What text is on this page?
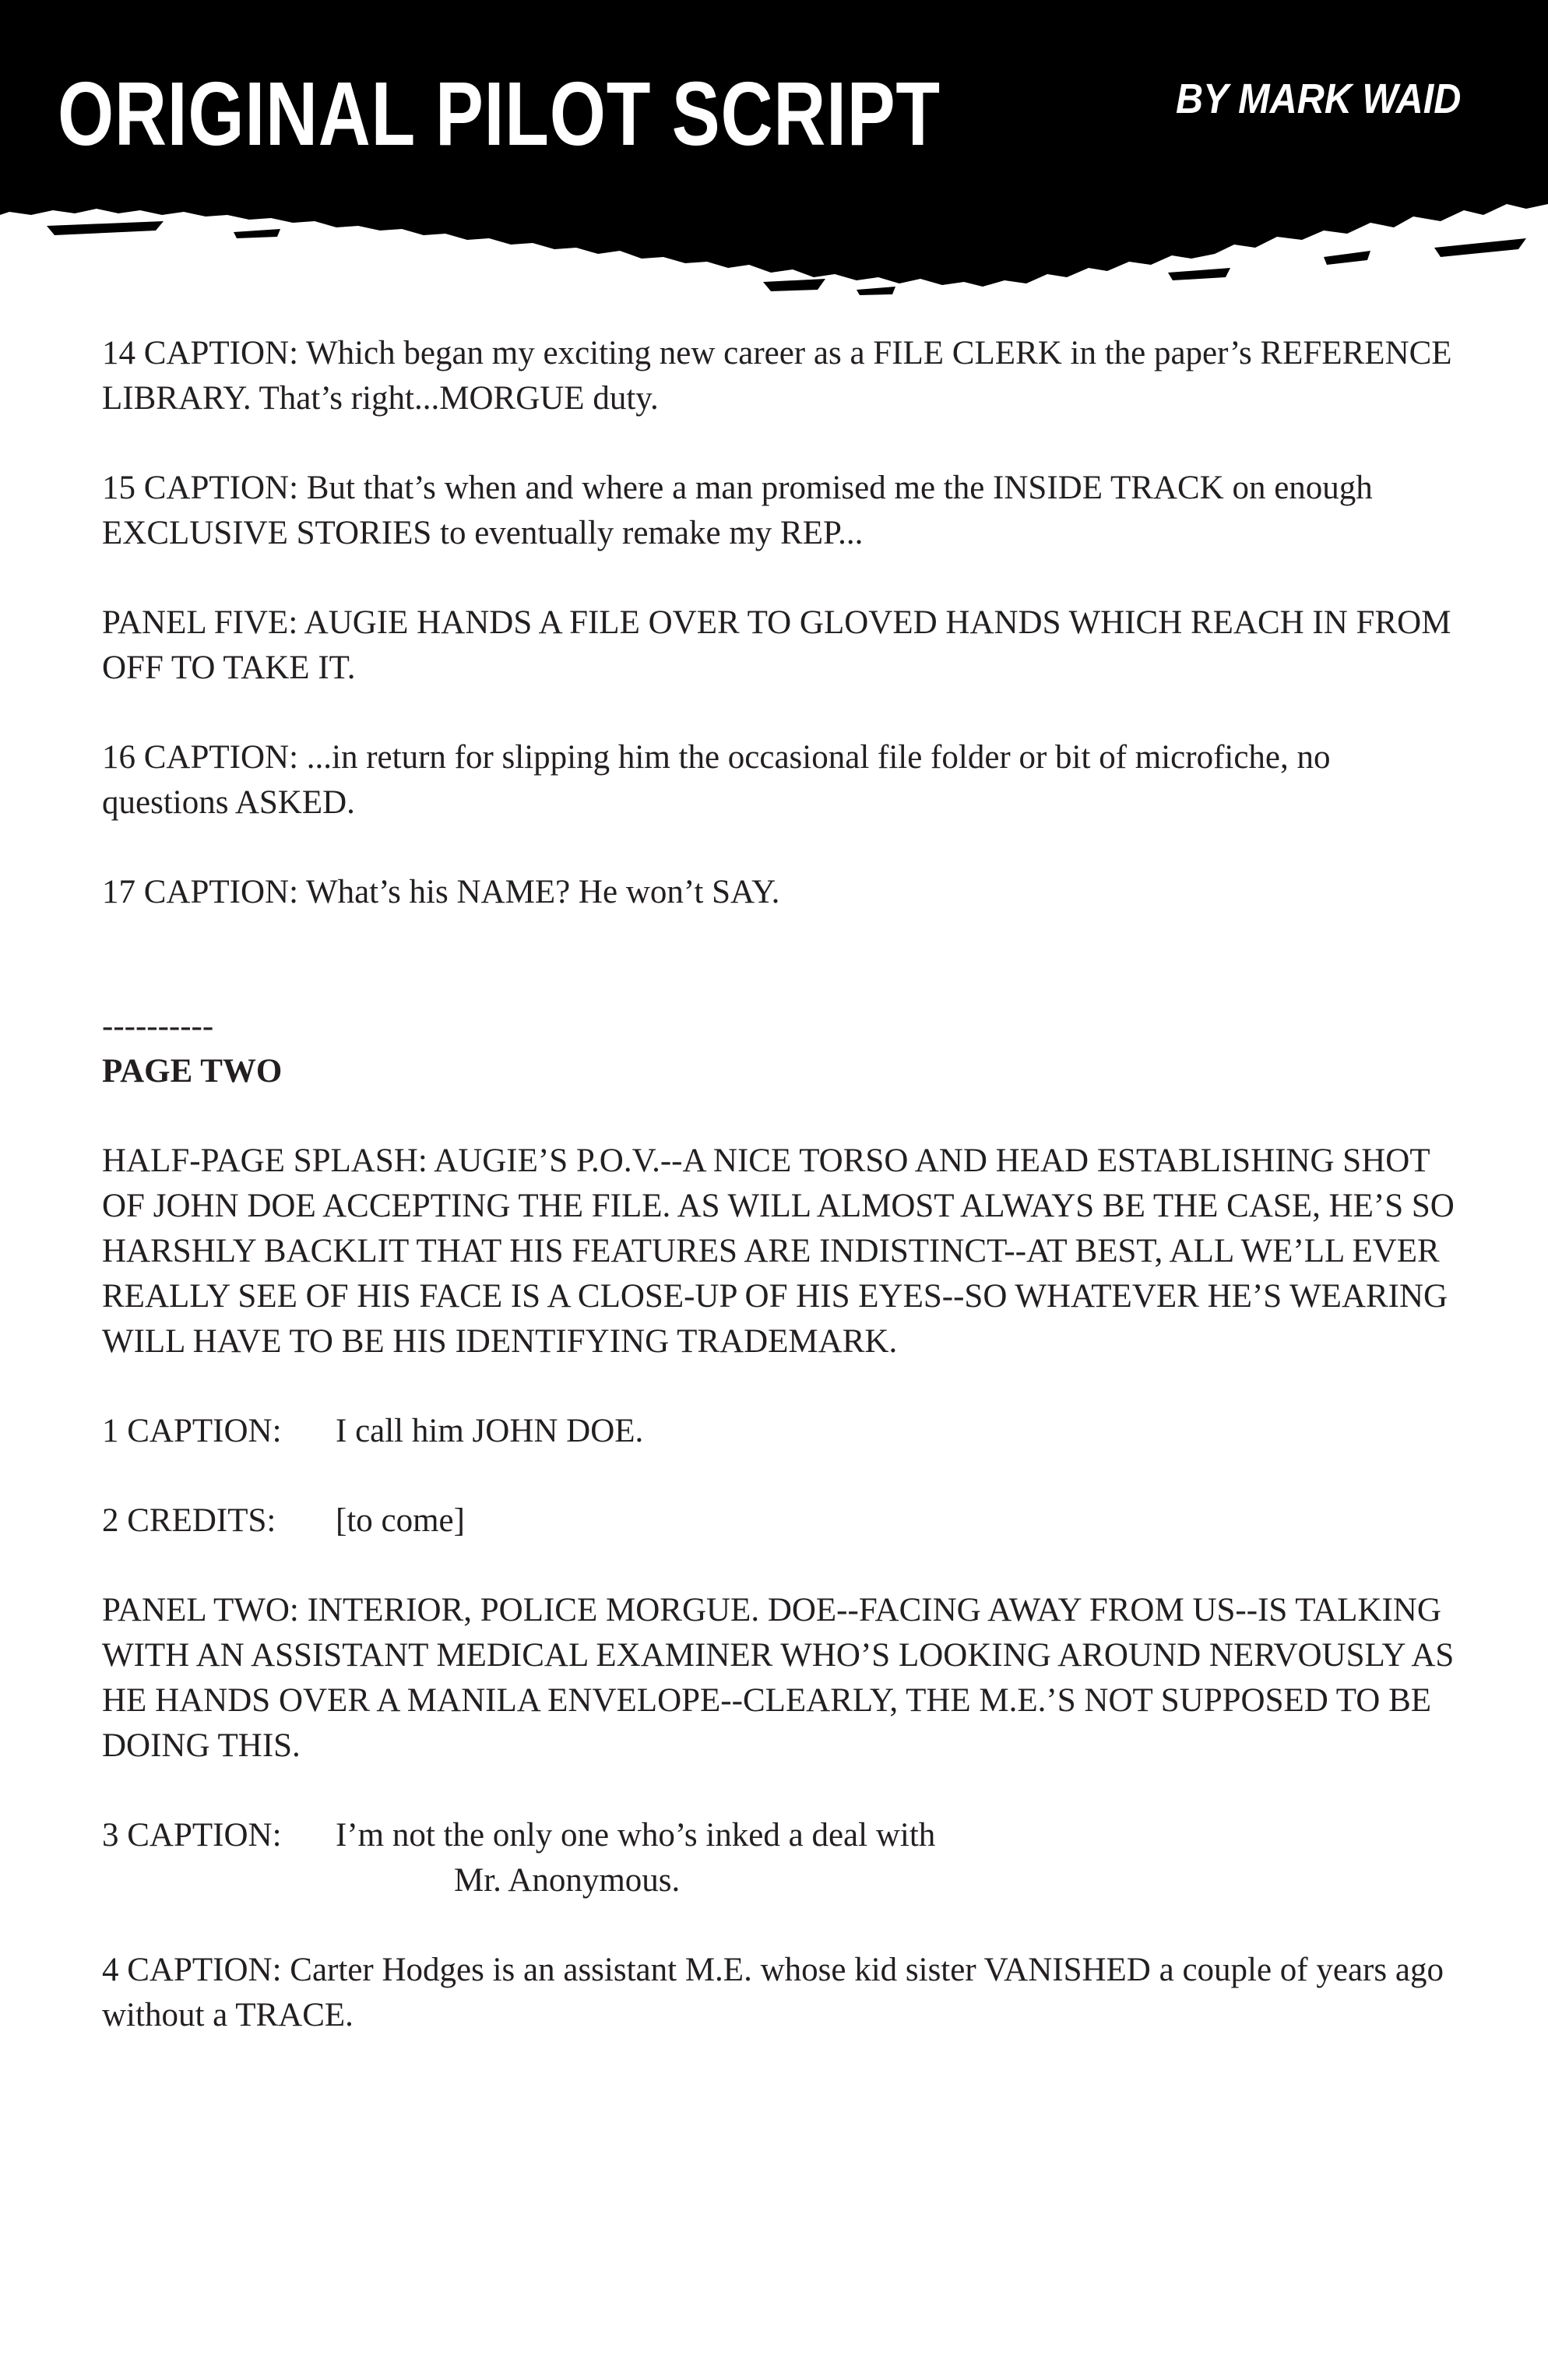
ORIGINAL PILOT SCRIPT	BY MARK WAID

14 CAPTION: Which began my exciting new career as a FILE CLERK in the paper’s REFERENCE LIBRARY. That’s right...MORGUE duty.

15 CAPTION: But that’s when and where a man promised me the INSIDE TRACK on enough EXCLUSIVE STORIES to eventually remake my REP...

PANEL FIVE: AUGIE HANDS A FILE OVER TO GLOVED HANDS WHICH REACH IN FROM OFF TO TAKE IT.

16 CAPTION: ...in return for slipping him the occasional file folder or bit of microfiche, no questions ASKED.

17 CAPTION: What’s his NAME? He won’t SAY.

----------

PAGE TWO

HALF-PAGE SPLASH: AUGIE’S P.O.V.--A NICE TORSO AND HEAD ESTABLISHING SHOT OF JOHN DOE ACCEPTING THE FILE. AS WILL ALMOST ALWAYS BE THE CASE, HE’S SO HARSHLY BACKLIT THAT HIS FEATURES ARE INDISTINCT--AT BEST, ALL WE’LL EVER REALLY SEE OF HIS FACE IS A CLOSE-UP OF HIS EYES--SO WHATEVER HE’S WEARING WILL HAVE TO BE HIS IDENTIFYING TRADEMARK.

1 CAPTION: I call him JOHN DOE.

2 CREDITS: [to come]

PANEL TWO: INTERIOR, POLICE MORGUE. DOE--FACING AWAY FROM US--IS TALKING WITH AN ASSISTANT MEDICAL EXAMINER WHO’S LOOKING AROUND NERVOUSLY AS HE HANDS OVER A MANILA ENVELOPE--CLEARLY, THE M.E.’S NOT SUPPOSED TO BE DOING THIS.

3 CAPTION: I’m not the only one who’s inked a deal with
Mr. Anonymous.

4 CAPTION: Carter Hodges is an assistant M.E. whose kid sister VANISHED a couple of years ago without a TRACE.
